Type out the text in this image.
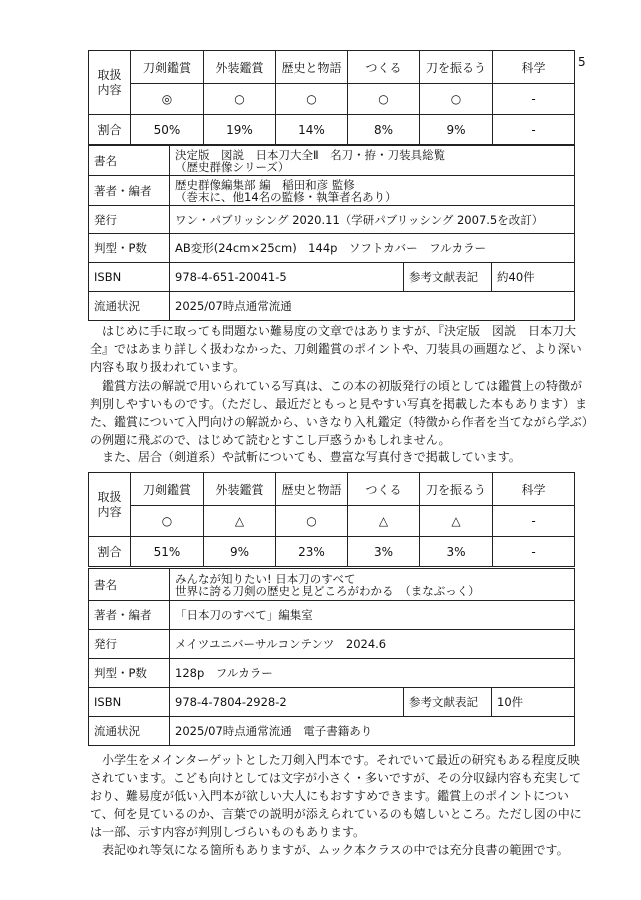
5
取扱
内容	刀剣鑑賞	外装鑑賞	歴史と物語	つくる	刀を振るう	科学
	◎	○	○	○	○	-
割合	50%	19%	14%	8%	9%	-
書名	決定版　図説　日本刀大全Ⅱ　名刀・拵・刀装具総覧
（歴史群像シリーズ）		

著者・編者	歴史群像編集部 編　稲田和彦 監修
（巻末に、他14名の監修・執筆者名あり）		

発行	ワン・パブリッシング 2020.11（学研パブリッシング 2007.5を改訂）		
判型・P数	AB変形(24cm×25cm)　144p　ソフトカバー　フルカラー		
ISBN	978-4-651-20041-5	参考文献表記	約40件
流通状況	2025/07時点通常流通		

はじめに手に取っても問題ない難易度の文章ではありますが、『決定版　図説　日本刀大全』ではあまり詳しく扱わなかった、刀剣鑑賞のポイントや、刀装具の画題など、より深い内容も取り扱われています。

鑑賞方法の解説で用いられている写真は、この本の初版発行の頃としては鑑賞上の特徴が判別しやすいものです。（ただし、最近だともっと見やすい写真を掲載した本もあります）また、鑑賞について入門向けの解説から、いきなり入札鑑定（特徴から作者を当てながら学ぶ）の例題に飛ぶので、はじめて読むとすこし戸惑うかもしれません。

また、居合（剣道系）や試斬についても、豊富な写真付きで掲載しています。

取扱
内容	刀剣鑑賞	外装鑑賞	歴史と物語	つくる	刀を振るう	科学
	○	△	○	△	△	-
割合	51%	9%	23%	3%	3%	-
書名	みんなが知りたい! 日本刀のすべて
世界に誇る刀剣の歴史と見どころがわかる　（まなぶっく）		

著者・編者	「日本刀のすべて」編集室		
発行	メイツユニバーサルコンテンツ　2024.6		
判型・P数	128p　フルカラー		
ISBN	978-4-7804-2928-2	参考文献表記	10件
流通状況	2025/07時点通常流通　電子書籍あり		

小学生をメインターゲットとした刀剣入門本です。それでいて最近の研究もある程度反映されています。こども向けとしては文字が小さく・多いですが、その分収録内容も充実しており、難易度が低い入門本が欲しい大人にもおすすめできます。鑑賞上のポイントについて、何を見ているのか、言葉での説明が添えられているのも嬉しいところ。ただし図の中には一部、示す内容が判別しづらいものもあります。

表記ゆれ等気になる箇所もありますが、ムック本クラスの中では充分良書の範囲です。
